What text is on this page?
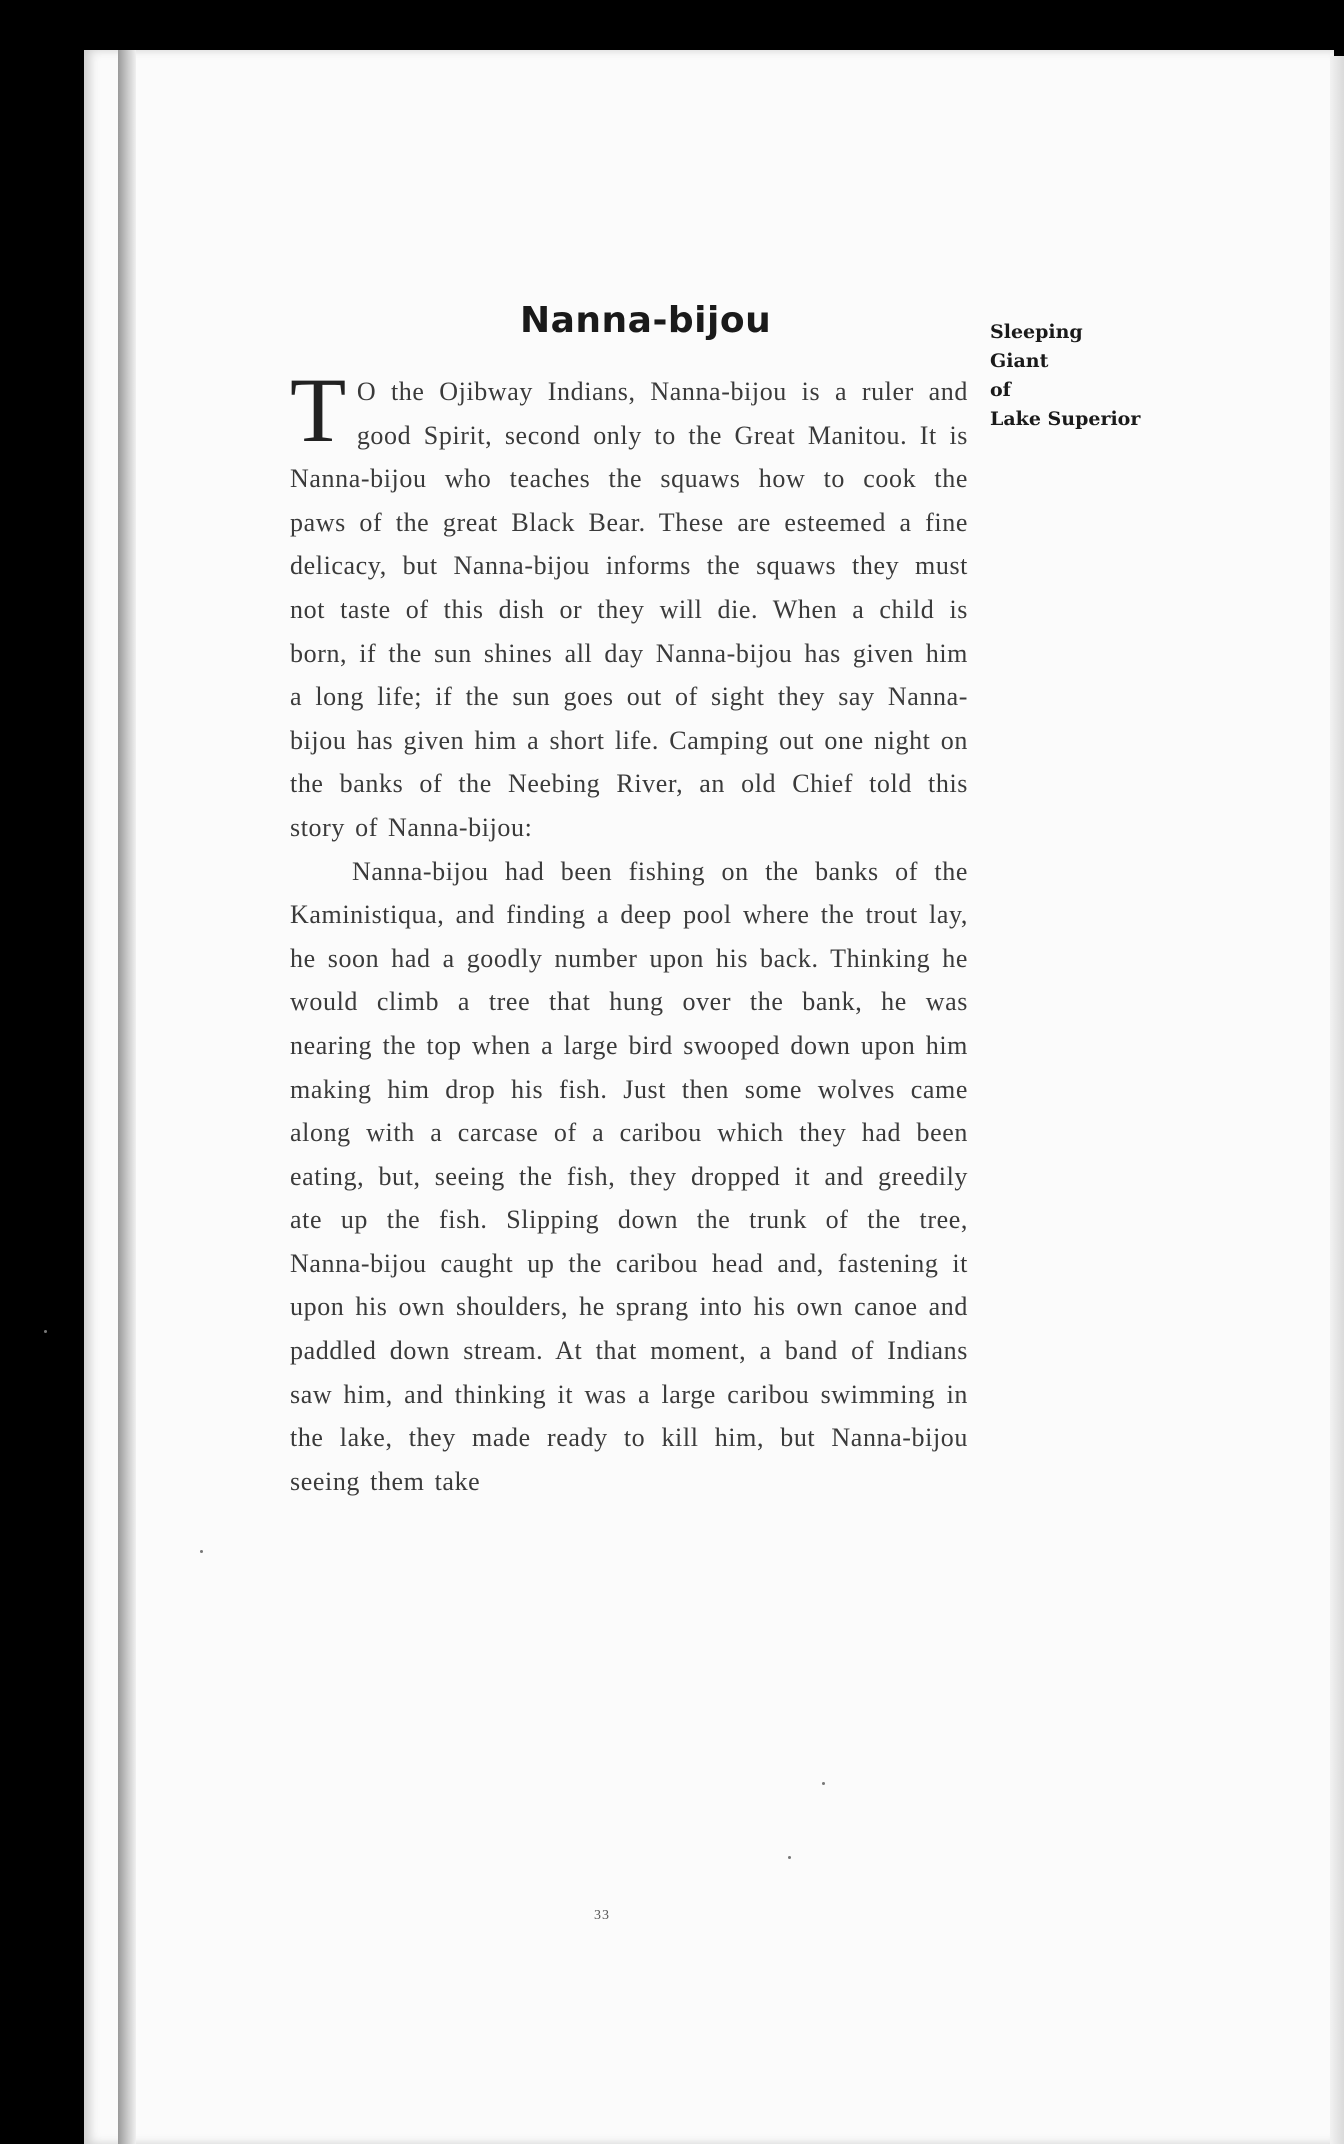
Nanna-bijou	Sleeping
Giant
of
Lake Superior

T O the Ojibway Indians, Nanna-bijou is a ruler and good Spirit, second only to the Great Manitou. It is Nanna-bijou who teaches the squaws how to cook the paws of the great Black Bear. These are esteemed a fine delicacy, but Nanna-bijou informs the squaws they must not taste of this dish or they will die. When a child is born, if the sun shines all day Nanna-bijou has given him a long life; if the sun goes out of sight they say Nanna-bijou has given him a short life. Camping out one night on the banks of the Neebing River, an old Chief told this story of Nanna-bijou:

Nanna-bijou had been fishing on the banks of the Kaministiqua, and finding a deep pool where the trout lay, he soon had a goodly number upon his back. Thinking he would climb a tree that hung over the bank, he was nearing the top when a large bird swooped down upon him making him drop his fish. Just then some wolves came along with a carcase of a caribou which they had been eating, but, seeing the fish, they dropped it and greedily ate up the fish. Slipping down the trunk of the tree, Nanna-bijou caught up the caribou head and, fastening it upon his own shoulders, he sprang into his own canoe and paddled down stream. At that moment, a band of Indians saw him, and thinking it was a large caribou swimming in the lake, they made ready to kill him, but Nanna-bijou seeing them take

33
